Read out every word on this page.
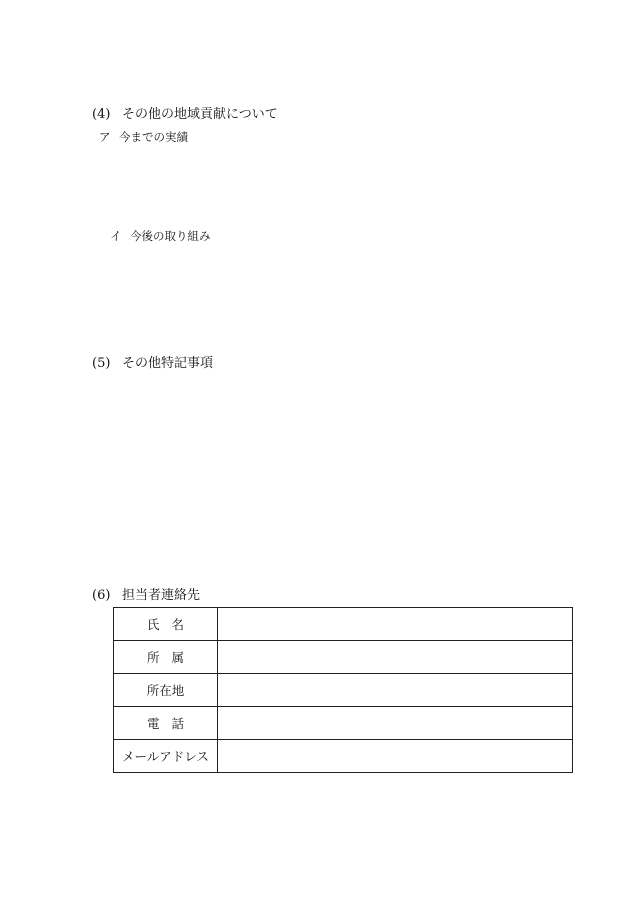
(4) その他の地域貢献について
ア 今までの実績
イ 今後の取り組み
(5) その他特記事項
(6) 担当者連絡先
氏名	
所属	
所在地	
電話	
メールアドレス	
